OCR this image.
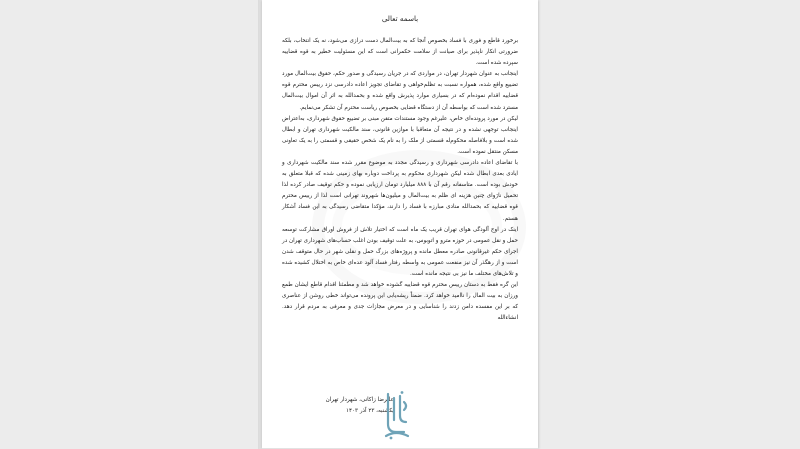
باسمه تعالی

برخورد قاطع و فوری با فساد بخصوص آنجا که به بیت‌المال دست درازی می‌شود، نه یک انتخاب، بلکه ضرورتی انکار ناپذیر برای صیانت از سلامت حکمرانی است که این مسئولیت خطیر به قوه قضاییه سپرده شده است.

اینجانب به عنوان شهردار تهران، در مواردی که در جریان رسیدگی و صدور حکم، حقوق بیت‌المال مورد تضییع واقع شده، همواره نسبت به تظلم‌خواهی و تقاضای تجویز اعاده دادرسی نزد رییس محترم قوه قضاییه اقدام نموده‌ام که در بسیاری موارد پذیرش واقع شده و بحمدالله به اثر آن اموال بیت‌المال مسترد شده است که بواسطه آن از دستگاه قضایی بخصوص ریاست محترم آن تشکر می‌نمایم.

لیکن در مورد پرونده‌ای خاص، علیرغم وجود مستندات متقن مبنی بر تضییع حقوق شهرداری، به‌اعتراض اینجانب توجهی نشده و در نتیجه آن متعاقبا با موازین قانونی، سند مالکیت شهرداری تهران و ابطال شده است و بلافاصله محکوم‌له قسمتی از ملک را به نام یک شخص حقیقی و قسمتی را به یک تعاونی مسکن منتقل نموده است.

با تقاضای اعاده دادرسی شهرداری و رسیدگی مجدد به موضوع مقرر شده سند مالکیت شهرداری و ایادی بعدی ابطال شده لیکن شهرداری محکوم به پرداخت دوباره بهای زمینی شده که قبلا متعلق به خودش بوده است. متاسفانه رقم آن با ۸۸۸ میلیارد تومان ارزیابی نموده و حکم توقیف صادر کرده لذا تحمیل نارَوای چنین هزینه ای ظلم به بیت‌المال و میلیون‌ها شهروند تهرانی است لذا از رییس محترم قوه قضاییه که بحمدالله منادی مبارزه با فساد را دارند، مؤکدا متقاضی رسیدگی به این فساد آشکار هستم.

اینک در اوج آلودگی هوای تهران قریب یک ماه است که اختیار تلاش از فروش اوراق مشارکت توسعه حمل و نقل عمومی در حوزه مترو و اتوبوس، به علت توقیف بودن اغلب حساب‌های شهرداری تهران در اجرای حکم غیرقانونی صادره معطل مانده و پروژه‌های بزرگ حمل و نقلی شهر در حال متوقف شدن است و از رهگذر آن نیز منفعت عمومی به واسطه رفتار فساد آلود عده‌ای خاص به اختلال کشیده شده و تلاش‌های مختلف ما نیز بی نتیجه مانده است.

این گره فقط به دستان رییس محترم قوه قضاییه گشوده خواهد شد و مطمئنا اقدام قاطع ایشان طمع ورزان به بیت المال را ناامید خواهد کرد. ضمناً ریشه‌یابی این پرونده می‌تواند خطی روشن از عناصری که بر این مفسده دامن زدند را شناسایی و در معرض مجازات جدی و معرفی به مردم قرار دهد. انشاءالله

علیرضا زاکانی، شهردار تهران

یکشنبه، ۲۳ آذر ۱۴۰۳
